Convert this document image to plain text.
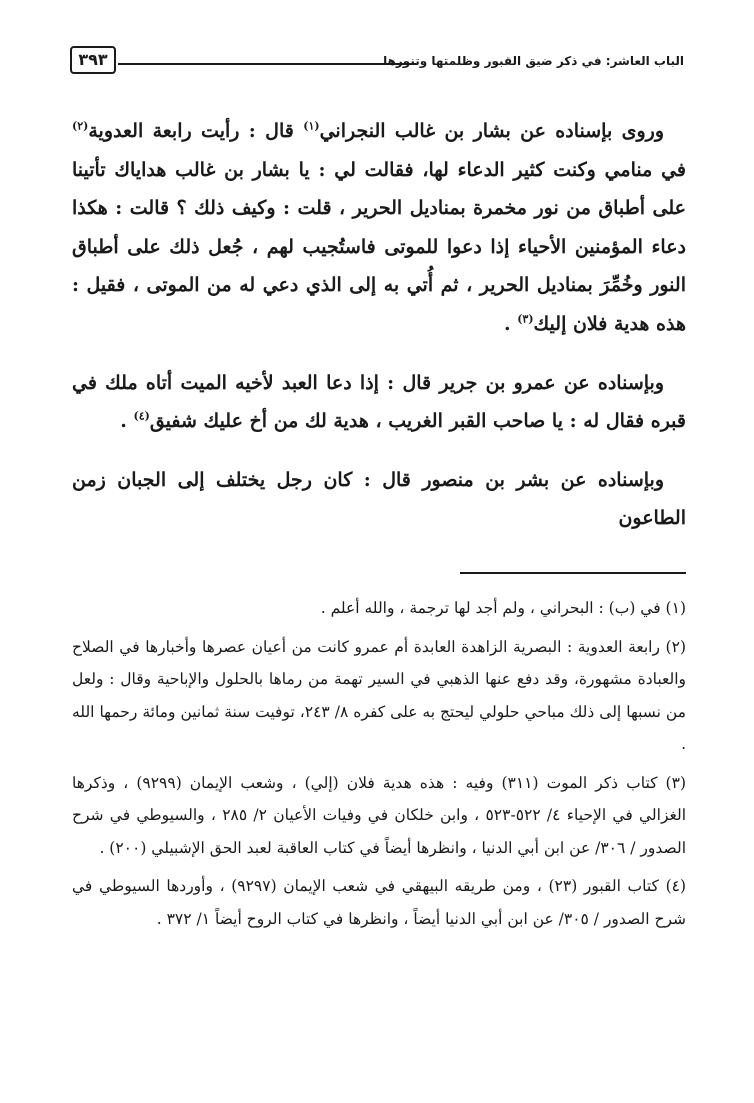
الباب العاشر: في ذكر ضيق القبور وظلمتها وتنورها
٣٩٣

وروى بإسناده عن بشار بن غالب النجراني$^{(١)}$ قال : رأيت رابعة العدوية$^{(٢)}$ في منامي وكنت كثير الدعاء لها، فقالت لي : يا بشار بن غالب هداياك تأتينا على أطباق من نور مخمرة بمناديل الحرير ، قلت : وكيف ذلك ؟ قالت : هكذا دعاء المؤمنين الأحياء إذا دعوا للموتى فاستُجيب لهم ، جُعل ذلك على أطباق النور وخُمِّرَ بمناديل الحرير ، ثم أُتي به إلى الذي دعي له من الموتى ، فقيل : هذه هدية فلان إليك$^{(٣)}$ .

وبإسناده عن عمرو بن جرير قال : إذا دعا العبد لأخيه الميت أتاه ملك في قبره فقال له : يا صاحب القبر الغريب ، هدية لك من أخ عليك شفيق$^{(٤)}$ .

وبإسناده عن بشر بن منصور قال : كان رجل يختلف إلى الجبان زمن الطاعون

(١) في (ب) : البحراني ، ولم أجد لها ترجمة ، والله أعلم .

(٢) رابعة العدوية : البصرية الزاهدة العابدة أم عمرو كانت من أعيان عصرها وأخبارها في الصلاح والعبادة مشهورة، وقد دفع عنها الذهبي في السير تهمة من رماها بالحلول والإباحية وقال : ولعل من نسبها إلى ذلك مباحي حلولي ليحتج به على كفره ٨/ ٢٤٣، توفيت سنة ثمانين ومائة رحمها الله .

(٣) كتاب ذكر الموت (٣١١) وفيه : هذه هدية فلان (إلي) ، وشعب الإيمان (٩٢٩٩) ، وذكرها الغزالي في الإحياء ٤/ ٥٢٢-٥٢٣ ، وابن خلكان في وفيات الأعيان ٢/ ٢٨٥ ، والسيوطي في شرح الصدور / ٣٠٦/ عن ابن أبي الدنيا ، وانظرها أيضاً في كتاب العاقبة لعبد الحق الإشبيلي (٢٠٠) .

(٤) كتاب القبور (٢٣) ، ومن طريقه البيهقي في شعب الإيمان (٩٢٩٧) ، وأوردها السيوطي في شرح الصدور / ٣٠٥/ عن ابن أبي الدنيا أيضاً ، وانظرها في كتاب الروح أيضاً ١/ ٣٧٢ .
